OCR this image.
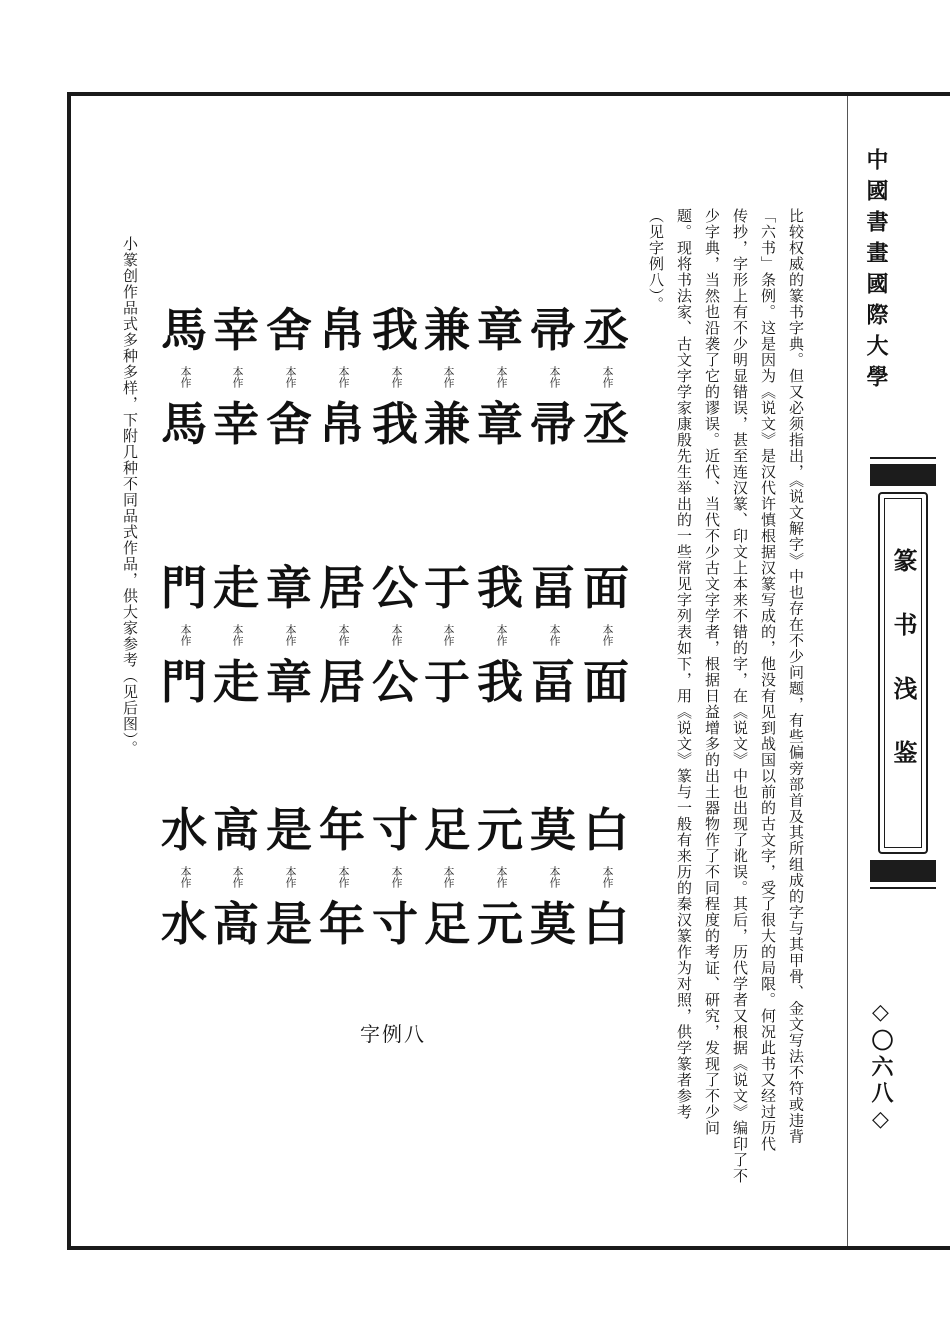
中國書畫國際大學
篆书浅鉴
◇〇六八◇
比较权威的篆书字典。但又必须指出，《说文解字》中也存在不少问题，有些偏旁部首及其所组成的字与其甲骨、金文写法不符或违背
「六书」条例。这是因为《说文》是汉代许慎根据汉篆写成的，他没有见到战国以前的古文字，受了很大的局限。何况此书又经过历代
传抄，字形上有不少明显错误，甚至连汉篆、印文上本来不错的字，在《说文》中也出现了讹误。其后，历代学者又根据《说文》编印了不
少字典，当然也沿袭了它的谬误。近代、当代不少古文字学者，根据日益增多的出土器物作了不同程度的考证、研究，发现了不少问
题。现将书法家、古文字学家康殷先生举出的一些常见字列表如下，用《说文》篆与一般有来历的秦汉篆作为对照，供学篆者参考
（见字例八）。
小篆创作品式多种多样，下附几种不同品式作品，供大家参考（见后图）。	丞
本作
丞
帚
本作
帚
章
本作
章
兼
本作
兼
我
本作
我
帛
本作
帛
舍
本作
舍
幸
本作
幸
馬
本作
馬
面
本作
面
畐
本作
畐
我
本作
我
于
本作
于
公
本作
公
居
本作
居
章
本作
章
走
本作
走
門
本作
門
白
本作
白
莫
本作
莫
元
本作
元
足
本作
足
寸
本作
寸
年
本作
年
是
本作
是
高
本作
高
水
本作
水
字例八
